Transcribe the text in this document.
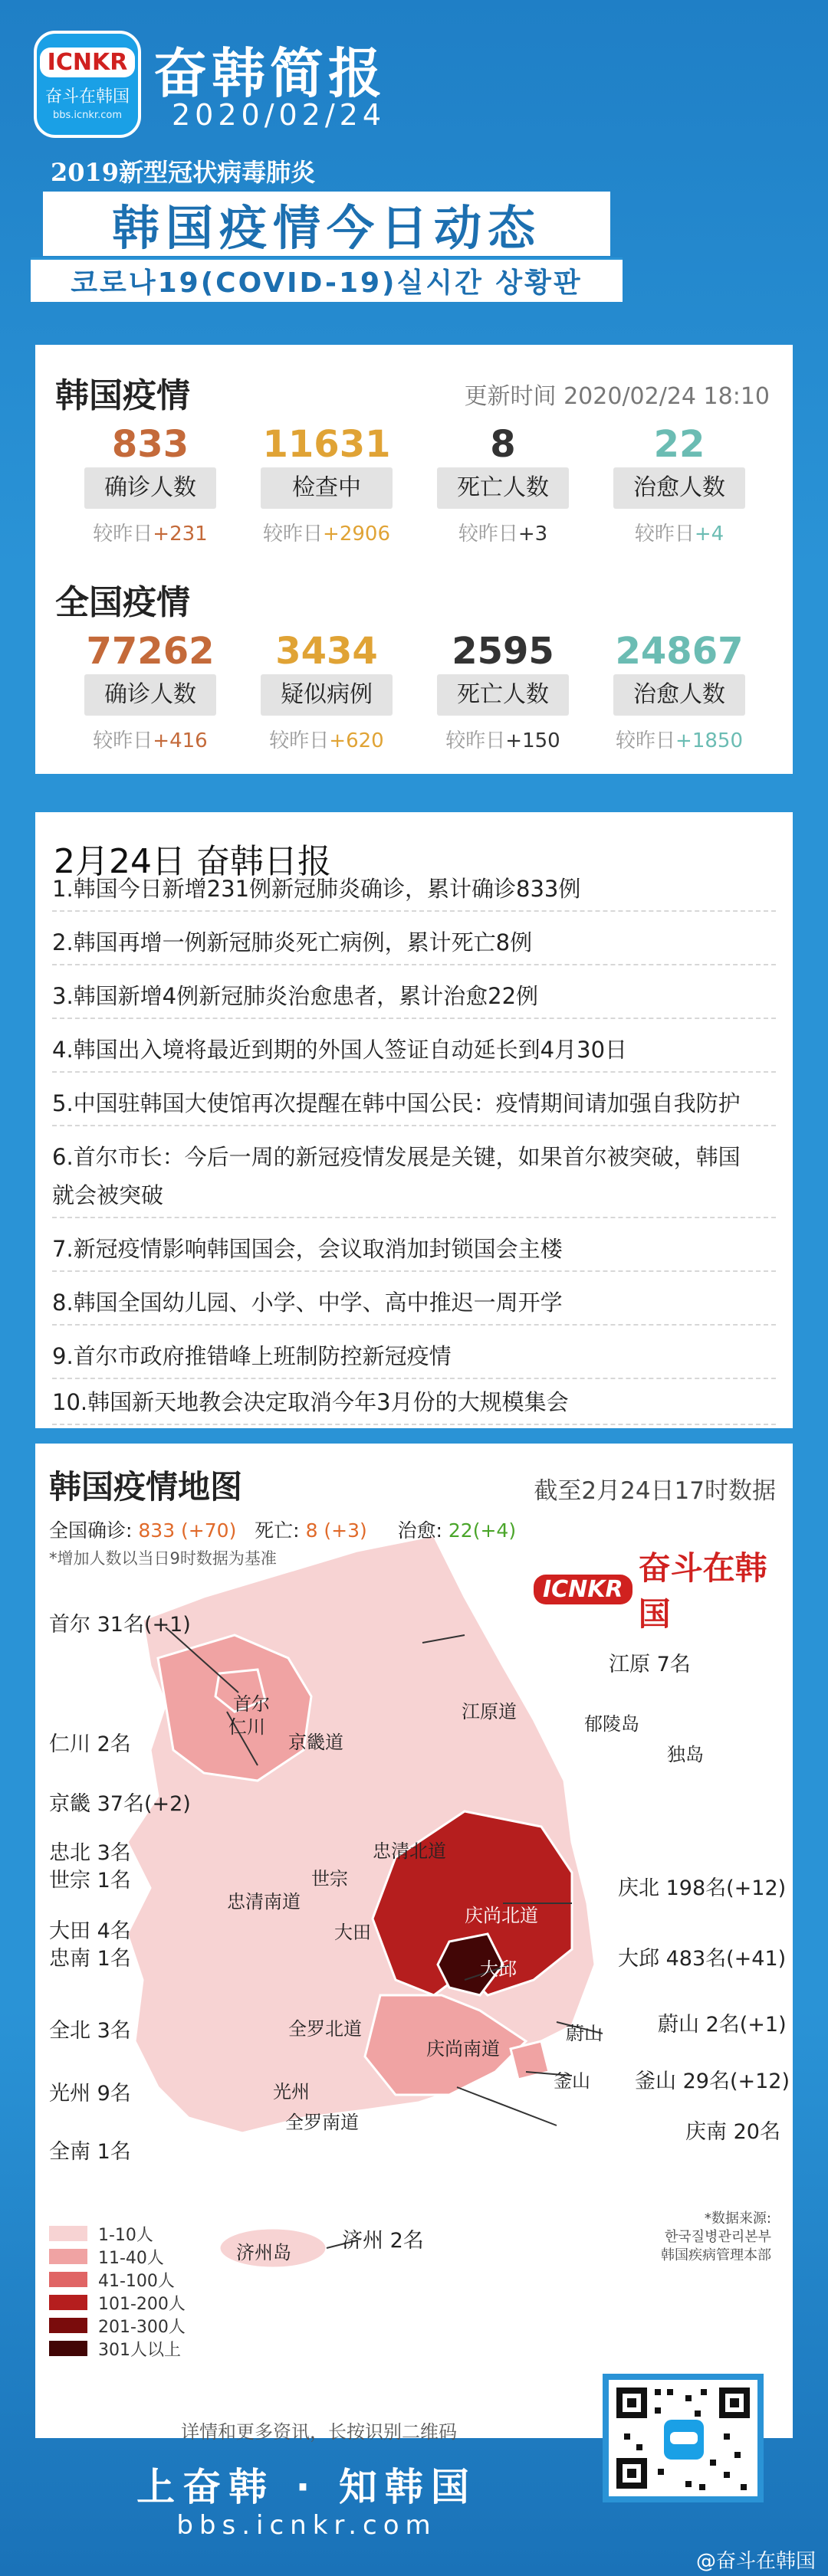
ICNKR
奋斗在韩国
bbs.icnkr.com
奋韩简报
2020/02/24
2019新型冠状病毒肺炎
韩国疫情今日动态
코로나19(COVID-19)실시간 상황판
韩国疫情	更新时间 2020/02/24 18:10
833
确诊人数
较昨日+231
11631
检查中
较昨日+2906
8
死亡人数
较昨日+3
22
治愈人数
较昨日+4
全国疫情
77262
确诊人数
较昨日+416
3434
疑似病例
较昨日+620
2595
死亡人数
较昨日+150
24867
治愈人数
较昨日+1850
2月24日 奋韩日报
1.韩国今日新增231例新冠肺炎确诊，累计确诊833例
2.韩国再增一例新冠肺炎死亡病例，累计死亡8例
3.韩国新增4例新冠肺炎治愈患者，累计治愈22例
4.韩国出入境将最近到期的外国人签证自动延长到4月30日
5.中国驻韩国大使馆再次提醒在韩中国公民：疫情期间请加强自我防护
6.首尔市长：今后一周的新冠疫情发展是关键，如果首尔被突破，韩国
就会被突破
7.新冠疫情影响韩国国会，会议取消加封锁国会主楼
8.韩国全国幼儿园、小学、中学、高中推迟一周开学
9.首尔市政府推错峰上班制防控新冠疫情
10.韩国新天地教会决定取消今年3月份的大规模集会
韩国疫情地图	截至2月24日17时数据
全国确诊: 833 (+70) 死亡: 8 (+3) 治愈: 22(+4)
*增加人数以当日9时数据为基准
ICNKR
奋斗在韩国
首尔 31名(+1)
仁川 2名
京畿 37名(+2)
忠北 3名
世宗 1名
大田 4名
忠南 1名
全北 3名
光州 9名
全南 1名
江原 7名
庆北 198名(+12)
大邱 483名(+41)
蔚山 2名(+1)
釜山 29名(+12)
庆南 20名
济州 2名
首尔
仁川
京畿道
江原道
郁陵岛
独岛
忠清北道
忠清南道
世宗
大田
庆尚北道
大邱
全罗北道
光州
全罗南道
庆尚南道
蔚山
釜山
济州岛
1-10人
11-40人
41-100人
101-200人
201-300人
301人以上
*数据来源:
한국질병관리본부
韩国疾病管理本部
详情和更多资讯，长按识别二维码
上奋韩 · 知韩国
bbs.icnkr.com
@奋斗在韩国
